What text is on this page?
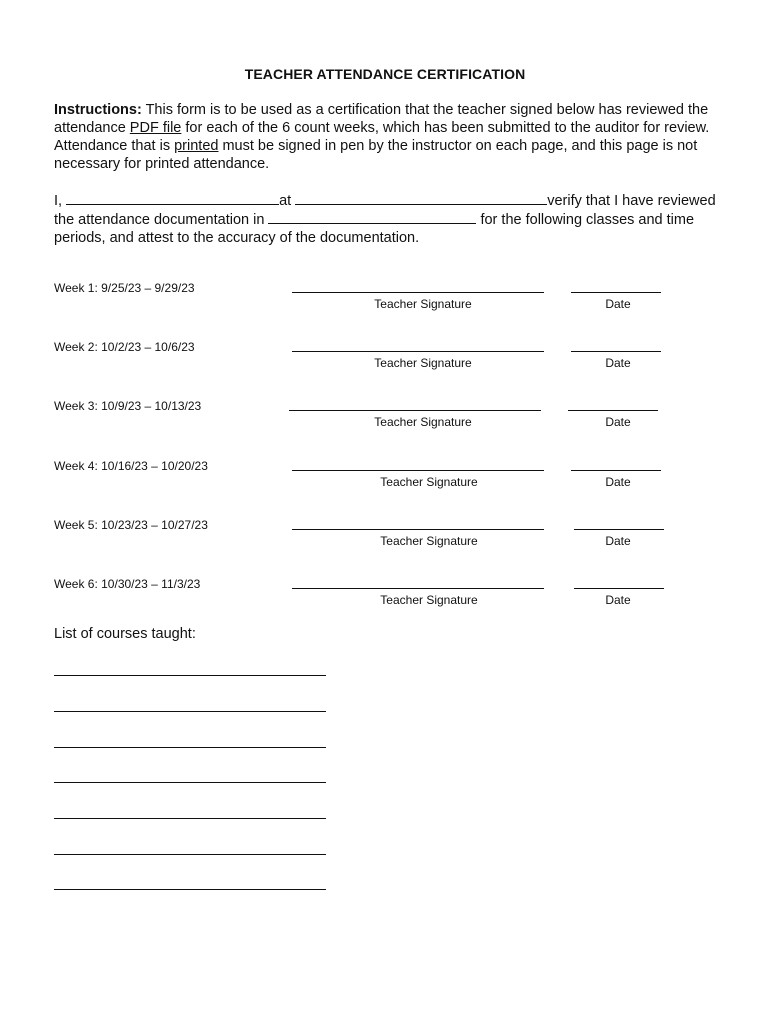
TEACHER ATTENDANCE CERTIFICATION
Instructions: This form is to be used as a certification that the teacher signed below has reviewed the attendance PDF file for each of the 6 count weeks, which has been submitted to the auditor for review. Attendance that is printed must be signed in pen by the instructor on each page, and this page is not necessary for printed attendance.
I,	at	verify that I have reviewed the attendance documentation in	for the following classes and time periods, and attest to the accuracy of the documentation.
Week 1: 9/25/23 – 9/29/23
Teacher Signature	Date
Week 2: 10/2/23 – 10/6/23
Teacher Signature	Date
Week 3: 10/9/23 – 10/13/23
Teacher Signature	Date
Week 4: 10/16/23 – 10/20/23
Teacher Signature	Date
Week 5: 10/23/23 – 10/27/23
Teacher Signature	Date
Week 6: 10/30/23 – 11/3/23
Teacher Signature	Date
List of courses taught:
